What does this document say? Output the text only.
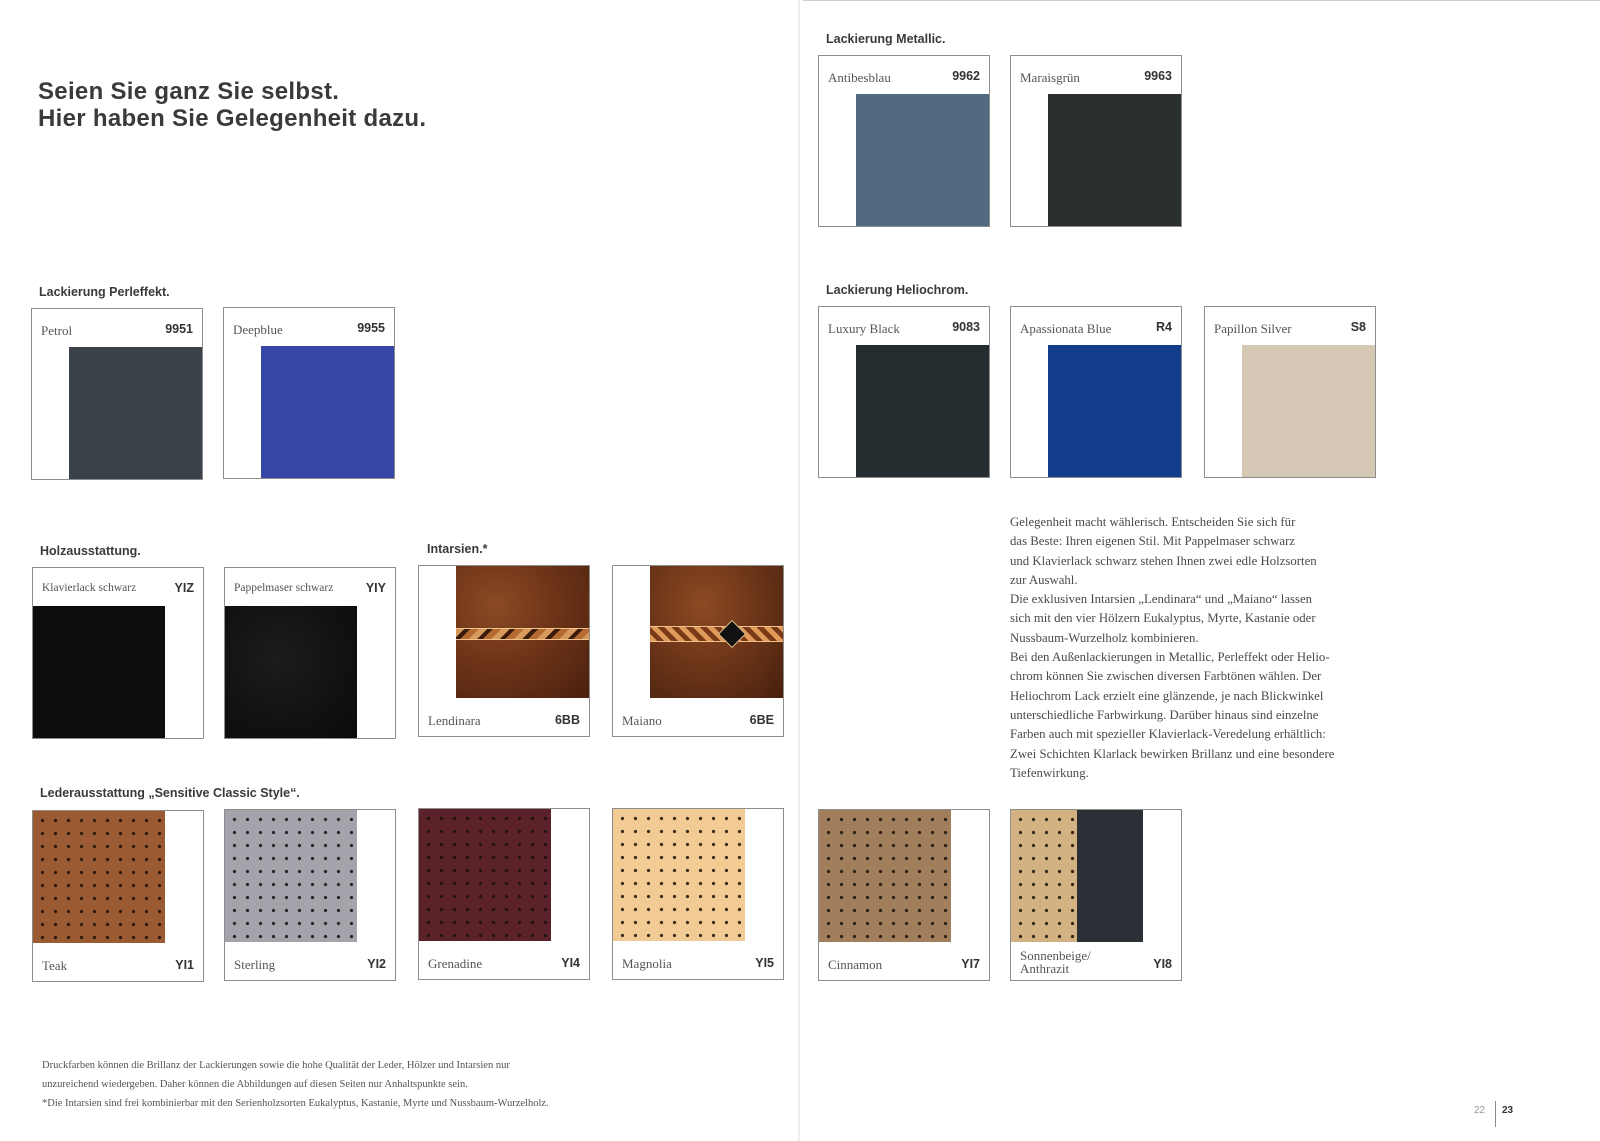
Seien Sie ganz Sie selbst.
Hier haben Sie Gelegenheit dazu.
Lackierung Metallic.
Lackierung Perleffekt.	Lackierung Heliochrom.
Holzausstattung.	Intarsien.*
Lederausstattung „Sensitive Classic Style“.
Antibesblau	9962	Maraisgrün	9963
Petrol	9951	Deepblue	9955	Luxury Black	9083	Apassionata Blue	R4	Papillon Silver	S8
Klavierlack schwarz	YIZ	Pappelmaser schwarz	YIY
Lendinara	6BB	Maiano	6BE
Teak	YI1	Sterling	YI2	Grenadine	YI4	Magnolia	YI5	Cinnamon	YI7
Sonnenbeige/
Anthrazit	YI8

Gelegenheit macht wählerisch. Entscheiden Sie sich für

das Beste: Ihren eigenen Stil. Mit Pappelmaser schwarz

und Klavierlack schwarz stehen Ihnen zwei edle Holzsorten

zur Auswahl.

Die exklusiven Intarsien „Lendinara“ und „Maiano“ lassen

sich mit den vier Hölzern Eukalyptus, Myrte, Kastanie oder

Nussbaum-Wurzelholz kombinieren.

Bei den Außenlackierungen in Metallic, Perleffekt oder Helio-

chrom können Sie zwischen diversen Farbtönen wählen. Der

Heliochrom Lack erzielt eine glänzende, je nach Blickwinkel

unterschiedliche Farbwirkung. Darüber hinaus sind einzelne

Farben auch mit spezieller Klavierlack-Veredelung erhältlich:

Zwei Schichten Klarlack bewirken Brillanz und eine besondere

Tiefenwirkung.

Druckfarben können die Brillanz der Lackierungen sowie die hohe Qualität der Leder, Hölzer und Intarsien nur

unzureichend wiedergeben. Daher können die Abbildungen auf diesen Seiten nur Anhaltspunkte sein.

*Die Intarsien sind frei kombinierbar mit den Serienholzsorten Eukalyptus, Kastanie, Myrte und Nussbaum-Wurzelholz.

22 23
